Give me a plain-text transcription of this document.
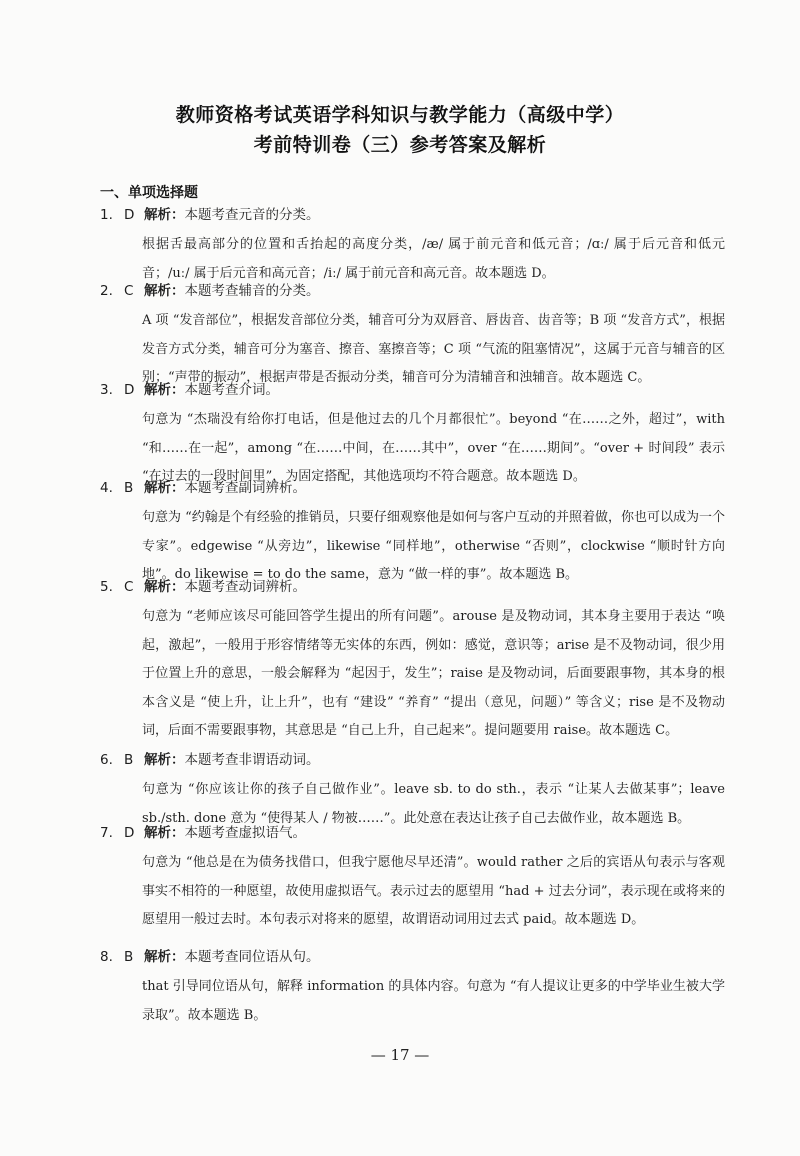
教师资格考试英语学科知识与教学能力（高级中学）
考前特训卷（三）参考答案及解析
一、单项选择题
1. D 解析：本题考查元音的分类。
根据舌最高部分的位置和舌抬起的高度分类，/æ/ 属于前元音和低元音；/ɑː/ 属于后元音和低元音；/uː/ 属于后元音和高元音；/iː/ 属于前元音和高元音。故本题选 D。
2. C 解析：本题考查辅音的分类。
A 项 “发音部位”，根据发音部位分类，辅音可分为双唇音、唇齿音、齿音等；B 项 “发音方式”，根据发音方式分类，辅音可分为塞音、擦音、塞擦音等；C 项 “气流的阻塞情况”，这属于元音与辅音的区别；“声带的振动”，根据声带是否振动分类，辅音可分为清辅音和浊辅音。故本题选 C。
3. D 解析：本题考查介词。
句意为 “杰瑞没有给你打电话，但是他过去的几个月都很忙”。beyond “在……之外，超过”，with “和……在一起”，among “在……中间，在……其中”，over “在……期间”。“over + 时间段” 表示 “在过去的一段时间里”，为固定搭配，其他选项均不符合题意。故本题选 D。
4. B 解析：本题考查副词辨析。
句意为 “约翰是个有经验的推销员，只要仔细观察他是如何与客户互动的并照着做，你也可以成为一个专家”。edgewise “从旁边”，likewise “同样地”，otherwise “否则”，clockwise “顺时针方向地”。do likewise = to do the same，意为 “做一样的事”。故本题选 B。
5. C 解析：本题考查动词辨析。
句意为 “老师应该尽可能回答学生提出的所有问题”。arouse 是及物动词，其本身主要用于表达 “唤起，激起”，一般用于形容情绪等无实体的东西，例如：感觉，意识等；arise 是不及物动词，很少用于位置上升的意思，一般会解释为 “起因于，发生”；raise 是及物动词，后面要跟事物，其本身的根本含义是 “使上升，让上升”，也有 “建设” “养育” “提出（意见，问题）” 等含义；rise 是不及物动词，后面不需要跟事物，其意思是 “自己上升，自己起来”。提问题要用 raise。故本题选 C。
6. B 解析：本题考查非谓语动词。
句意为 “你应该让你的孩子自己做作业”。leave sb. to do sth.，表示 “让某人去做某事”；leave sb./sth. done 意为 “使得某人 / 物被……”。此处意在表达让孩子自己去做作业，故本题选 B。
7. D 解析：本题考查虚拟语气。
句意为 “他总是在为债务找借口，但我宁愿他尽早还清”。would rather 之后的宾语从句表示与客观事实不相符的一种愿望，故使用虚拟语气。表示过去的愿望用 “had + 过去分词”，表示现在或将来的愿望用一般过去时。本句表示对将来的愿望，故谓语动词用过去式 paid。故本题选 D。
8. B 解析：本题考查同位语从句。
that 引导同位语从句，解释 information 的具体内容。句意为 “有人提议让更多的中学毕业生被大学录取”。故本题选 B。
— 17 —
